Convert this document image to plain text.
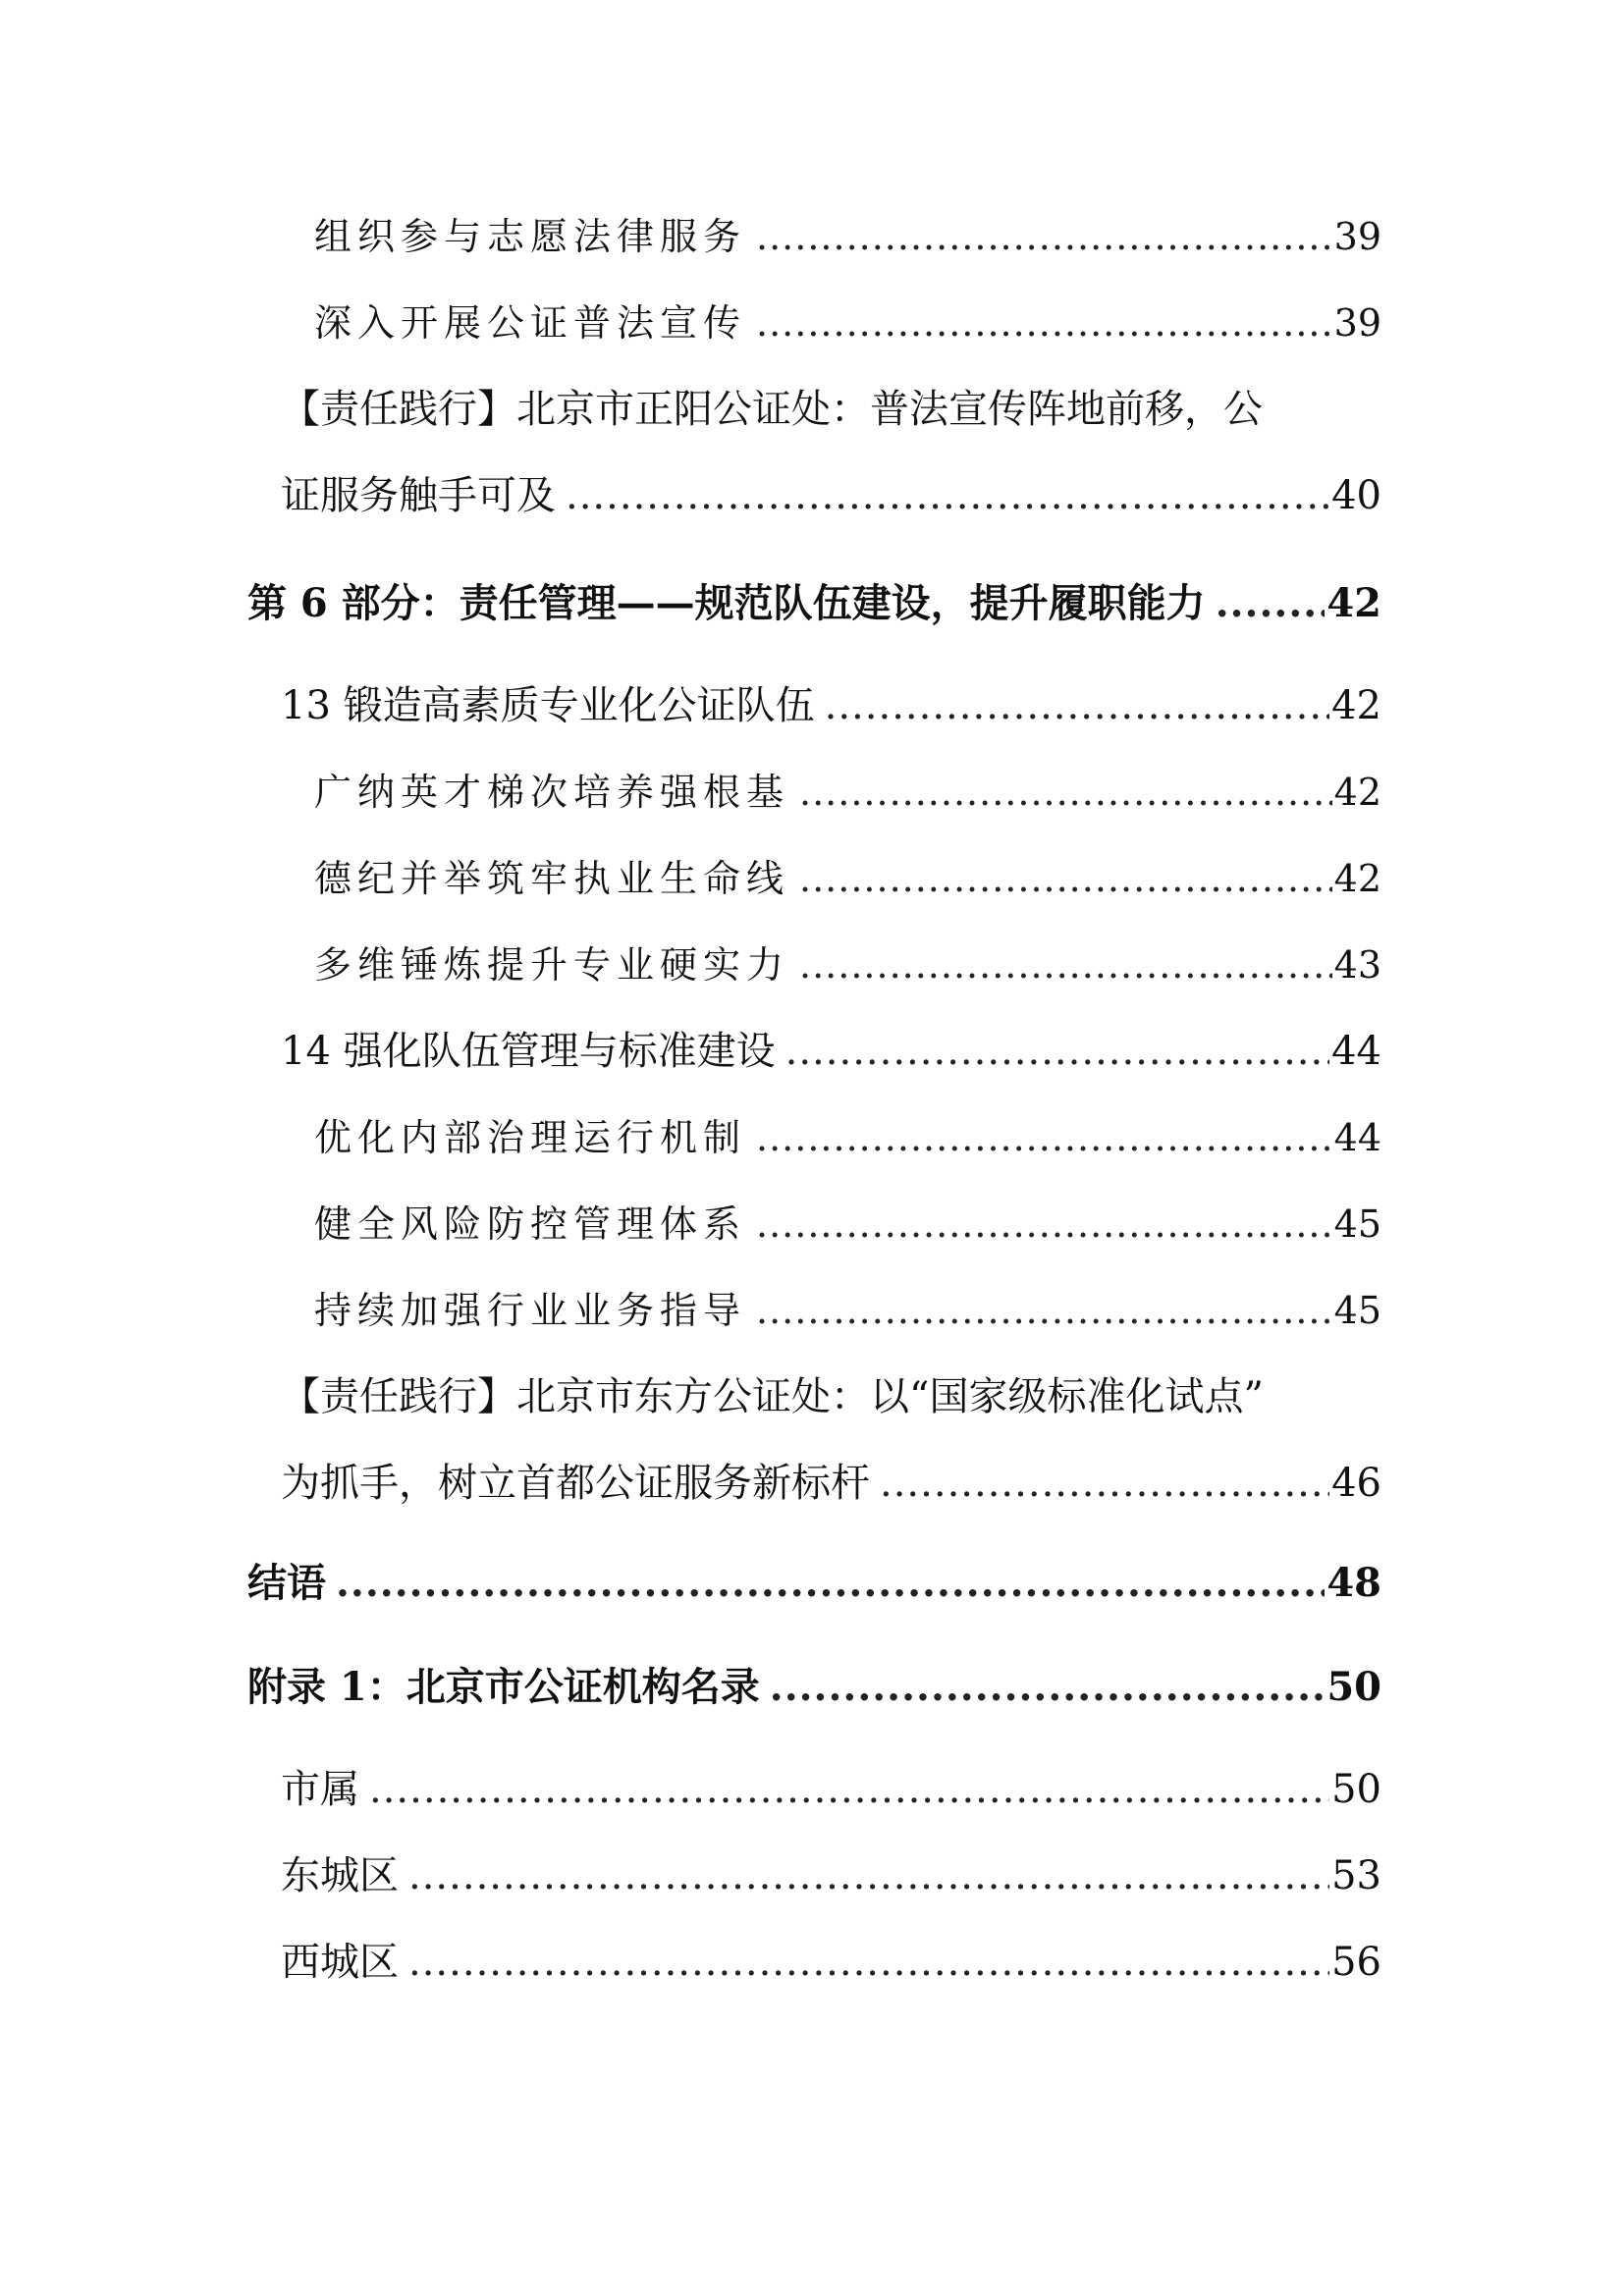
组织参与志愿法律服务 .....	39
深入开展公证普法宣传 .....	39
【责任践行】北京市正阳公证处：普法宣传阵地前移，公
证服务触手可及 .....	40
第 6 部分：责任管理——规范队伍建设，提升履职能力 .....	42
13 锻造高素质专业化公证队伍 .....	42
广纳英才梯次培养强根基 .....	42
德纪并举筑牢执业生命线 .....	42
多维锤炼提升专业硬实力 .....	43
14 强化队伍管理与标准建设 .....	44
优化内部治理运行机制 .....	44
健全风险防控管理体系 .....	45
持续加强行业业务指导 .....	45
【责任践行】北京市东方公证处：以“国家级标准化试点”
为抓手，树立首都公证服务新标杆 .....	46
结语 .....	48
附录 1：北京市公证机构名录 .....	50
市属 .....	50
东城区 .....	53
西城区 .....	56
